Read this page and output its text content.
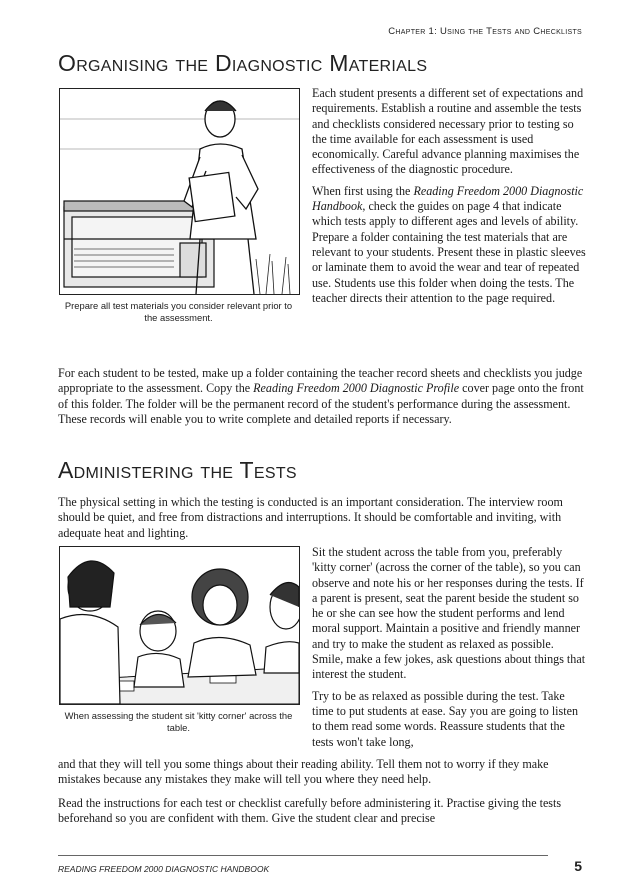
Chapter 1: Using the Tests and Checklists
Organising the Diagnostic Materials
Prepare all test materials you consider relevant prior to the assessment.

Each student presents a different set of expectations and requirements. Establish a routine and assemble the tests and checklists considered necessary prior to testing so the time available for each assessment is used economically. Careful advance planning maximises the effectiveness of the diagnostic procedure.

When first using the Reading Freedom 2000 Diagnostic Handbook, check the guides on page 4 that indicate which tests apply to different ages and levels of ability. Prepare a folder containing the test materials that are relevant to your students. Present these in plastic sleeves or laminate them to avoid the wear and tear of repeated use. Students use this folder when doing the tests. The teacher directs their attention to the page required.

For each student to be tested, make up a folder containing the teacher record sheets and checklists you judge appropriate to the assessment. Copy the Reading Freedom 2000 Diagnostic Profile cover page onto the front of this folder. The folder will be the permanent record of the student's performance during the assessment. These records will enable you to write complete and detailed reports if necessary.

Administering the Tests

The physical setting in which the testing is conducted is an important consideration. The interview room should be quiet, and free from distractions and interruptions. It should be comfortable and inviting, with adequate heat and lighting.

When assessing the student sit 'kitty corner' across the table.

Sit the student across the table from you, preferably 'kitty corner' (across the corner of the table), so you can observe and note his or her responses during the tests. If a parent is present, seat the parent beside the student so he or she can see how the student performs and lend moral support. Maintain a positive and friendly manner and try to make the student as relaxed as possible. Smile, make a few jokes, ask questions about things that interest the student.

Try to be as relaxed as possible during the test. Take time to put students at ease. Say you are going to listen to them read some words. Reassure students that the tests won't take long,

and that they will tell you some things about their reading ability. Tell them not to worry if they make mistakes because any mistakes they make will tell you where they need help.

Read the instructions for each test or checklist carefully before administering it. Practise giving the tests beforehand so you are confident with them. Give the student clear and precise

READING FREEDOM 2000 DIAGNOSTIC HANDBOOK	5
